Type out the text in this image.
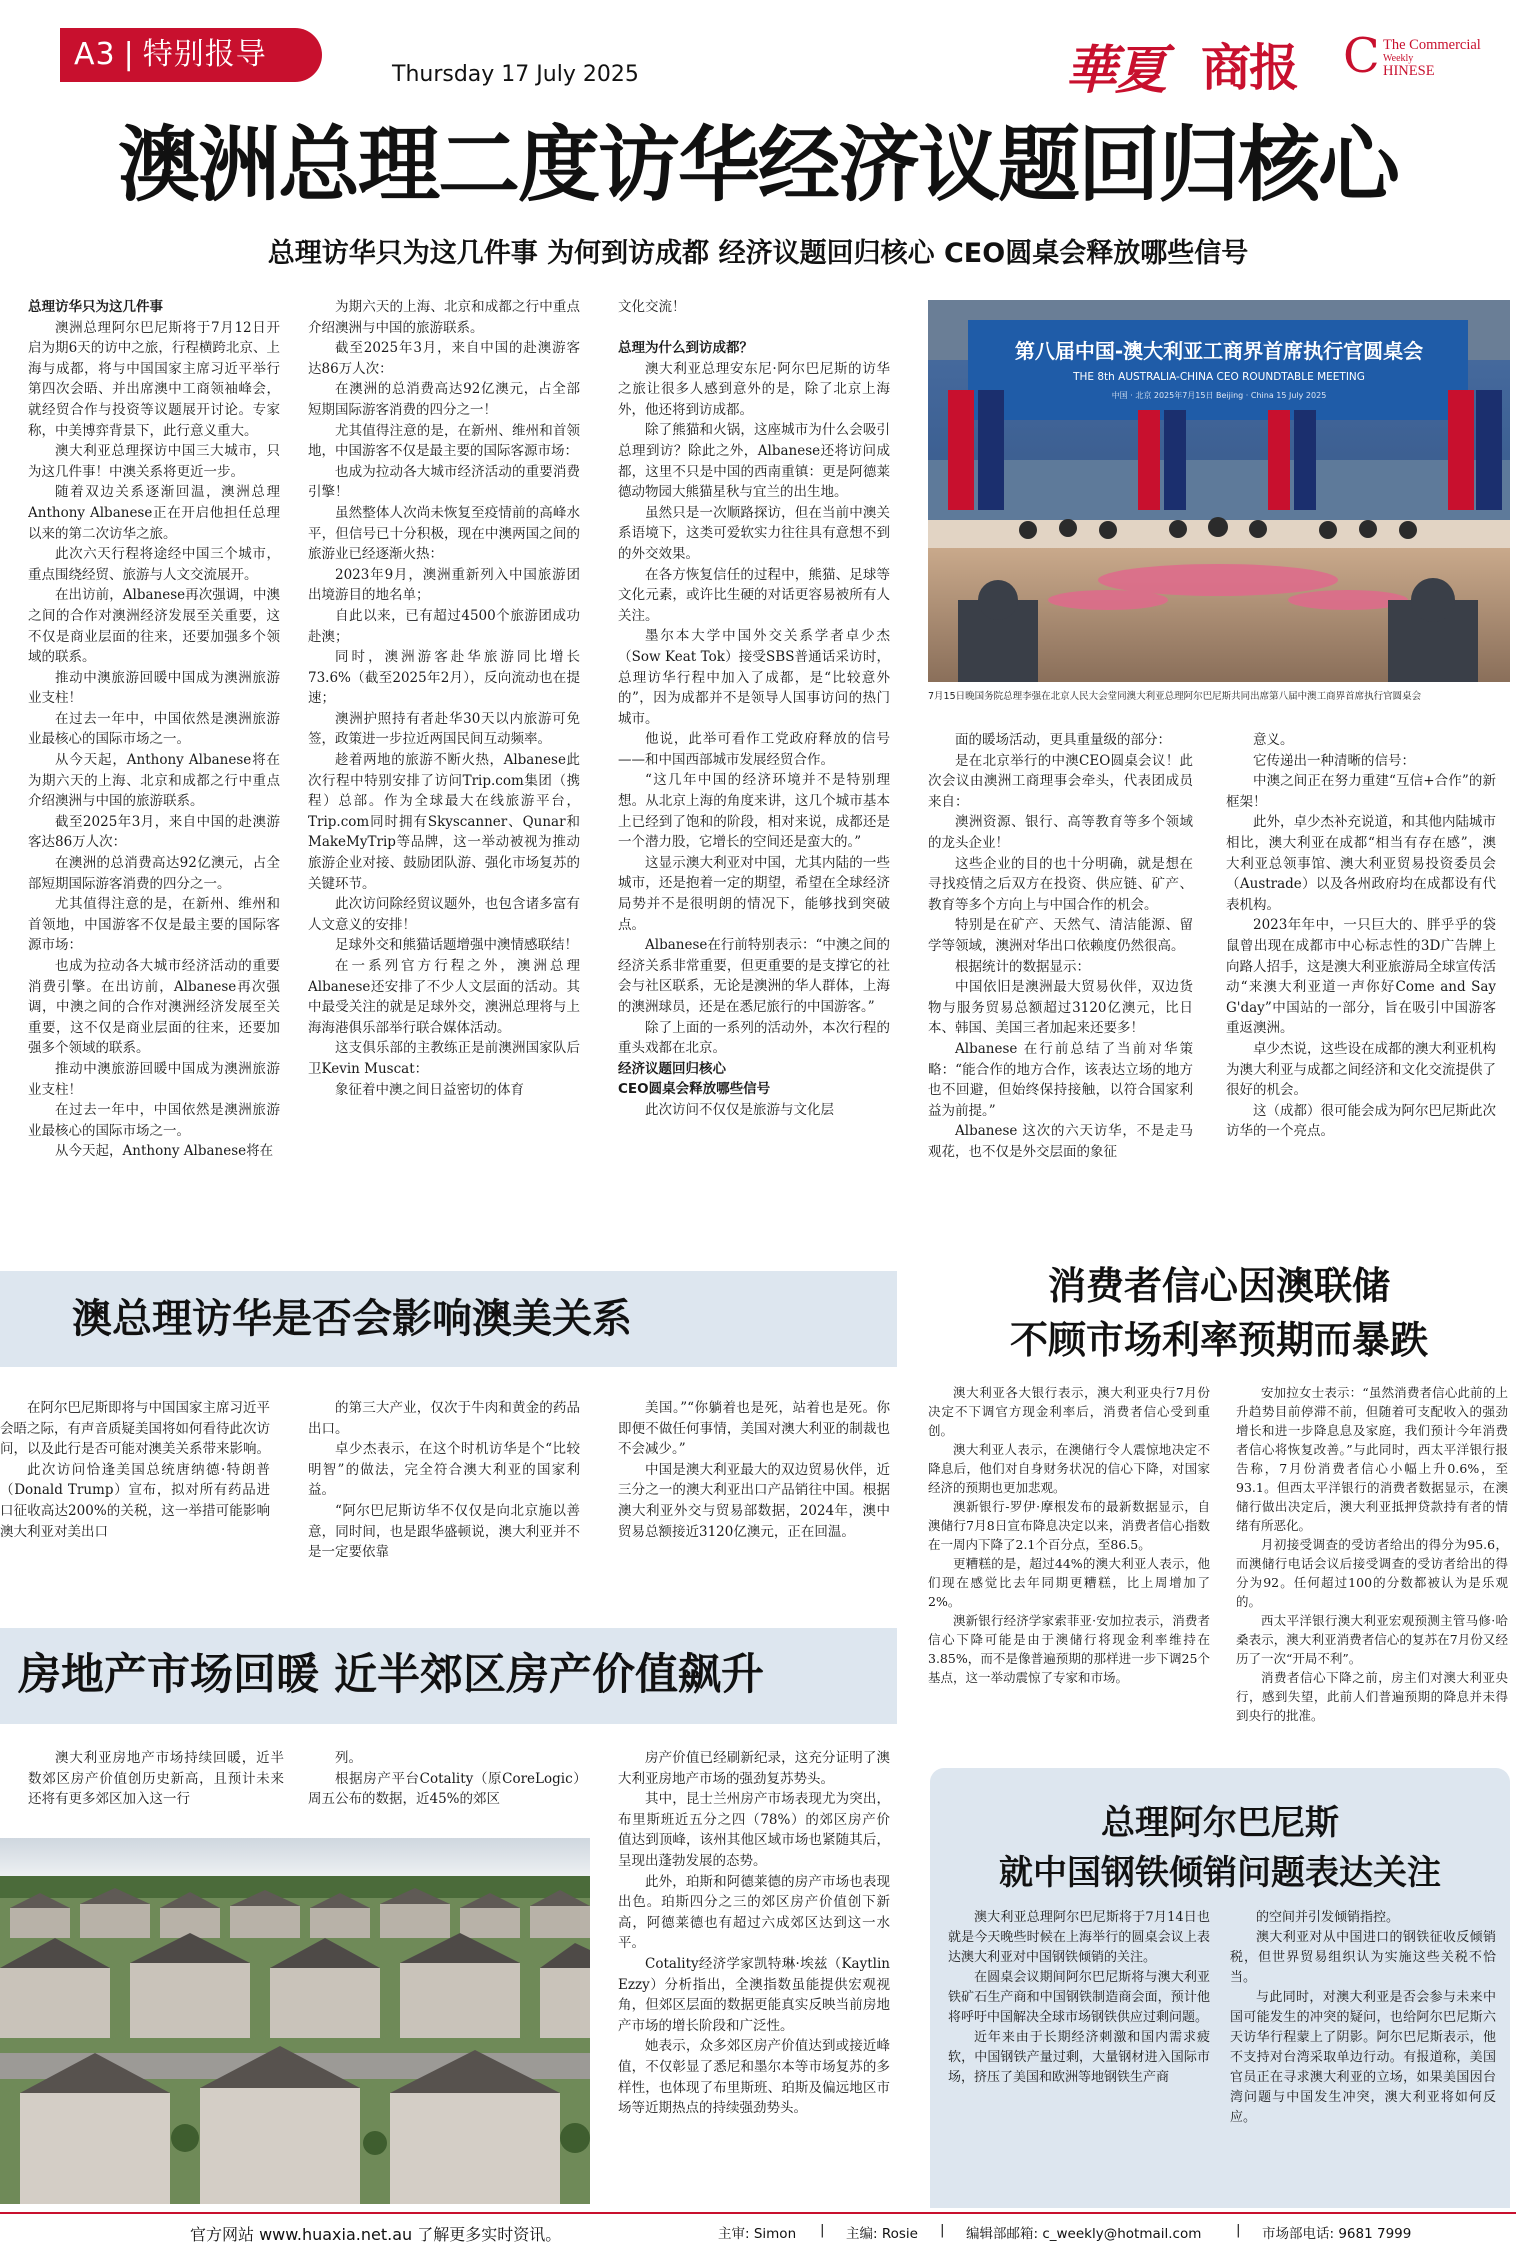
A3 | 特别报导
Thursday 17 July 2025	華夏 商报 C The Commercial
Weekly
HINESE
澳洲总理二度访华经济议题回归核心
总理访华只为这几件事 为何到访成都 经济议题回归核心 CEO圆桌会释放哪些信号

总理访华只为这几件事

澳洲总理阿尔巴尼斯将于7月12日开启为期6天的访中之旅，行程横跨北京、上海与成都，将与中国国家主席习近平举行第四次会晤、并出席澳中工商领袖峰会，就经贸合作与投资等议题展开讨论。专家称，中美博弈背景下，此行意义重大。

澳大利亚总理探访中国三大城市，只为这几件事！中澳关系将更近一步。

随着双边关系逐渐回温，澳洲总理Anthony Albanese正在开启他担任总理以来的第二次访华之旅。

此次六天行程将途经中国三个城市，重点围绕经贸、旅游与人文交流展开。

在出访前，Albanese再次强调，中澳之间的合作对澳洲经济发展至关重要，这不仅是商业层面的往来，还要加强多个领域的联系。

推动中澳旅游回暖中国成为澳洲旅游业支柱！

在过去一年中，中国依然是澳洲旅游业最核心的国际市场之一。

从今天起，Anthony Albanese将在为期六天的上海、北京和成都之行中重点介绍澳洲与中国的旅游联系。

截至2025年3月，来自中国的赴澳游客达86万人次：

在澳洲的总消费高达92亿澳元，占全部短期国际游客消费的四分之一。

尤其值得注意的是，在新州、维州和首领地，中国游客不仅是最主要的国际客源市场：

也成为拉动各大城市经济活动的重要消费引擎。在出访前，Albanese再次强调，中澳之间的合作对澳洲经济发展至关重要，这不仅是商业层面的往来，还要加强多个领域的联系。

推动中澳旅游回暖中国成为澳洲旅游业支柱！

在过去一年中，中国依然是澳洲旅游业最核心的国际市场之一。

从今天起，Anthony Albanese将在

为期六天的上海、北京和成都之行中重点介绍澳洲与中国的旅游联系。

截至2025年3月，来自中国的赴澳游客达86万人次：

在澳洲的总消费高达92亿澳元，占全部短期国际游客消费的四分之一！

尤其值得注意的是，在新州、维州和首领地，中国游客不仅是最主要的国际客源市场：

也成为拉动各大城市经济活动的重要消费引擎！

虽然整体人次尚未恢复至疫情前的高峰水平，但信号已十分积极，现在中澳两国之间的旅游业已经逐渐火热：

2023年9月，澳洲重新列入中国旅游团出境游目的地名单；

自此以来，已有超过4500个旅游团成功赴澳；

同时，澳洲游客赴华旅游同比增长73.6%（截至2025年2月），反向流动也在提速；

澳洲护照持有者赴华30天以内旅游可免签，政策进一步拉近两国民间互动频率。

趁着两地的旅游不断火热，Albanese此次行程中特别安排了访问Trip.com集团（携程）总部。作为全球最大在线旅游平台，Trip.com同时拥有Skyscanner、Qunar和MakeMyTrip等品牌，这一举动被视为推动旅游企业对接、鼓励团队游、强化市场复苏的关键环节。

此次访问除经贸议题外，也包含诸多富有人文意义的安排！

足球外交和熊猫话题增强中澳情感联结！

在一系列官方行程之外，澳洲总理Albanese还安排了不少人文层面的活动。其中最受关注的就是足球外交，澳洲总理将与上海海港俱乐部举行联合媒体活动。

这支俱乐部的主教练正是前澳洲国家队后卫Kevin Muscat：

象征着中澳之间日益密切的体育

文化交流！

总理为什么到访成都？

澳大利亚总理安东尼·阿尔巴尼斯的访华之旅让很多人感到意外的是，除了北京上海外，他还将到访成都。

除了熊猫和火锅，这座城市为什么会吸引总理到访？除此之外，Albanese还将访问成都，这里不只是中国的西南重镇：更是阿德莱德动物园大熊猫星秋与宜兰的出生地。

虽然只是一次顺路探访，但在当前中澳关系语境下，这类可爱软实力往往具有意想不到的外交效果。

在各方恢复信任的过程中，熊猫、足球等文化元素，或许比生硬的对话更容易被所有人关注。

墨尔本大学中国外交关系学者卓少杰（Sow Keat Tok）接受SBS普通话采访时，总理访华行程中加入了成都，是“比较意外的”，因为成都并不是领导人国事访问的热门城市。

他说，此举可看作工党政府释放的信号——和中国西部城市发展经贸合作。

“这几年中国的经济环境并不是特别理想。从北京上海的角度来讲，这几个城市基本上已经到了饱和的阶段，相对来说，成都还是一个潜力股，它增长的空间还是蛮大的。”

这显示澳大利亚对中国，尤其内陆的一些城市，还是抱着一定的期望，希望在全球经济局势并不是很明朗的情况下，能够找到突破点。

Albanese在行前特别表示：“中澳之间的经济关系非常重要，但更重要的是支撑它的社会与社区联系，无论是澳洲的华人群体，上海的澳洲球员，还是在悉尼旅行的中国游客。”

除了上面的一系列的活动外，本次行程的重头戏都在北京。

经济议题回归核心

CEO圆桌会释放哪些信号

此次访问不仅仅是旅游与文化层

第八届中国-澳大利亚工商界首席执行官圆桌会
THE 8th AUSTRALIA-CHINA CEO ROUNDTABLE MEETING
中国 · 北京 2025年7月15日 Beijing · China 15 July 2025
7月15日晚国务院总理李强在北京人民大会堂同澳大利亚总理阿尔巴尼斯共同出席第八届中澳工商界首席执行官圆桌会

面的暖场活动，更具重量级的部分：

是在北京举行的中澳CEO圆桌会议！此次会议由澳洲工商理事会牵头，代表团成员来自：

澳洲资源、银行、高等教育等多个领域的龙头企业！

这些企业的目的也十分明确，就是想在寻找疫情之后双方在投资、供应链、矿产、教育等多个方向上与中国合作的机会。

特别是在矿产、天然气、清洁能源、留学等领域，澳洲对华出口依赖度仍然很高。

根据统计的数据显示：

中国依旧是澳洲最大贸易伙伴，双边货物与服务贸易总额超过3120亿澳元，比日本、韩国、美国三者加起来还要多！

Albanese 在行前总结了当前对华策略：“能合作的地方合作，该表达立场的地方也不回避，但始终保持接触，以符合国家利益为前提。”

Albanese 这次的六天访华，不是走马观花，也不仅是外交层面的象征

意义。

它传递出一种清晰的信号：

中澳之间正在努力重建“互信+合作”的新框架！

此外，卓少杰补充说道，和其他内陆城市相比，澳大利亚在成都“相当有存在感”，澳大利亚总领事馆、澳大利亚贸易投资委员会（Austrade）以及各州政府均在成都设有代表机构。

2023年年中，一只巨大的、胖乎乎的袋鼠曾出现在成都市中心标志性的3D广告牌上向路人招手，这是澳大利亚旅游局全球宣传活动“来澳大利亚道一声你好Come and Say G'day”中国站的一部分，旨在吸引中国游客重返澳洲。

卓少杰说，这些设在成都的澳大利亚机构为澳大利亚与成都之间经济和文化交流提供了很好的机会。

这（成都）很可能会成为阿尔巴尼斯此次访华的一个亮点。

澳总理访华是否会影响澳美关系

在阿尔巴尼斯即将与中国国家主席习近平会晤之际，有声音质疑美国将如何看待此次访问，以及此行是否可能对澳美关系带来影响。

此次访问恰逢美国总统唐纳德·特朗普（Donald Trump）宣布，拟对所有药品进口征收高达200%的关税，这一举措可能影响澳大利亚对美出口

的第三大产业，仅次于牛肉和黄金的药品出口。

卓少杰表示，在这个时机访华是个“比较明智”的做法，完全符合澳大利亚的国家利益。

“阿尔巴尼斯访华不仅仅是向北京施以善意，同时间，也是跟华盛顿说，澳大利亚并不是一定要依靠

美国。”“你躺着也是死，站着也是死。你即便不做任何事情，美国对澳大利亚的制裁也不会减少。”

中国是澳大利亚最大的双边贸易伙伴，近三分之一的澳大利亚出口产品销往中国。根据澳大利亚外交与贸易部数据，2024年，澳中贸易总额接近3120亿澳元，正在回温。

消费者信心因澳联储
不顾市场利率预期而暴跌

澳大利亚各大银行表示，澳大利亚央行7月份决定不下调官方现金利率后，消费者信心受到重创。

澳大利亚人表示，在澳储行令人震惊地决定不降息后，他们对自身财务状况的信心下降，对国家经济的预期也更加悲观。

澳新银行-罗伊·摩根发布的最新数据显示，自澳储行7月8日宣布降息决定以来，消费者信心指数在一周内下降了2.1个百分点，至86.5。

更糟糕的是，超过44%的澳大利亚人表示，他们现在感觉比去年同期更糟糕，比上周增加了2%。

澳新银行经济学家索菲亚·安加拉表示，消费者信心下降可能是由于澳储行将现金利率维持在3.85%，而不是像普遍预期的那样进一步下调25个基点，这一举动震惊了专家和市场。

安加拉女士表示：“虽然消费者信心此前的上升趋势目前停滞不前，但随着可支配收入的强劲增长和进一步降息息及家庭，我们预计今年消费者信心将恢复改善。”与此同时，西太平洋银行报告称，7月份消费者信心小幅上升0.6%，至93.1。但西太平洋银行的消费者数据显示，在澳储行做出决定后，澳大利亚抵押贷款持有者的情绪有所恶化。

月初接受调查的受访者给出的得分为95.6，而澳储行电话会议后接受调查的受访者给出的得分为92。任何超过100的分数都被认为是乐观的。

西太平洋银行澳大利亚宏观预测主管马修·哈桑表示，澳大利亚消费者信心的复苏在7月份又经历了一次“开局不利”。

消费者信心下降之前，房主们对澳大利亚央行，感到失望，此前人们普遍预期的降息并未得到央行的批准。

房地产市场回暖 近半郊区房产价值飙升

澳大利亚房地产市场持续回暖，近半数郊区房产价值创历史新高，且预计未来还将有更多郊区加入这一行

列。

根据房产平台Cotality（原CoreLogic）周五公布的数据，近45%的郊区

房产价值已经刷新纪录，这充分证明了澳大利亚房地产市场的强劲复苏势头。

其中，昆士兰州房产市场表现尤为突出，布里斯班近五分之四（78%）的郊区房产价值达到顶峰，该州其他区域市场也紧随其后，呈现出蓬勃发展的态势。

此外，珀斯和阿德莱德的房产市场也表现出色。珀斯四分之三的郊区房产价值创下新高，阿德莱德也有超过六成郊区达到这一水平。

Cotality经济学家凯特琳·埃兹（Kaytlin Ezzy）分析指出，全澳指数虽能提供宏观视角，但郊区层面的数据更能真实反映当前房地产市场的增长阶段和广泛性。

她表示，众多郊区房产价值达到或接近峰值，不仅彰显了悉尼和墨尔本等市场复苏的多样性，也体现了布里斯班、珀斯及偏远地区市场等近期热点的持续强劲势头。

总理阿尔巴尼斯
就中国钢铁倾销问题表达关注

澳大利亚总理阿尔巴尼斯将于7月14日也就是今天晚些时候在上海举行的圆桌会议上表达澳大利亚对中国钢铁倾销的关注。

在圆桌会议期间阿尔巴尼斯将与澳大利亚铁矿石生产商和中国钢铁制造商会面，预计他将呼吁中国解决全球市场钢铁供应过剩问题。

近年来由于长期经济刺激和国内需求疲软，中国钢铁产量过剩，大量钢材进入国际市场，挤压了美国和欧洲等地钢铁生产商

的空间并引发倾销指控。

澳大利亚对从中国进口的钢铁征收反倾销税，但世界贸易组织认为实施这些关税不恰当。

与此同时，对澳大利亚是否会参与未来中国可能发生的冲突的疑问，也给阿尔巴尼斯六天访华行程蒙上了阴影。阿尔巴尼斯表示，他不支持对台湾采取单边行动。有报道称，美国官员正在寻求澳大利亚的立场，如果美国因台湾问题与中国发生冲突，澳大利亚将如何反应。

官方网站 www.huaxia.net.au 了解更多实时资讯。	主审: Simon | 主编: Rosie | 编辑部邮箱: c_weekly@hotmail.com	| 市场部电话: 9681 7999
